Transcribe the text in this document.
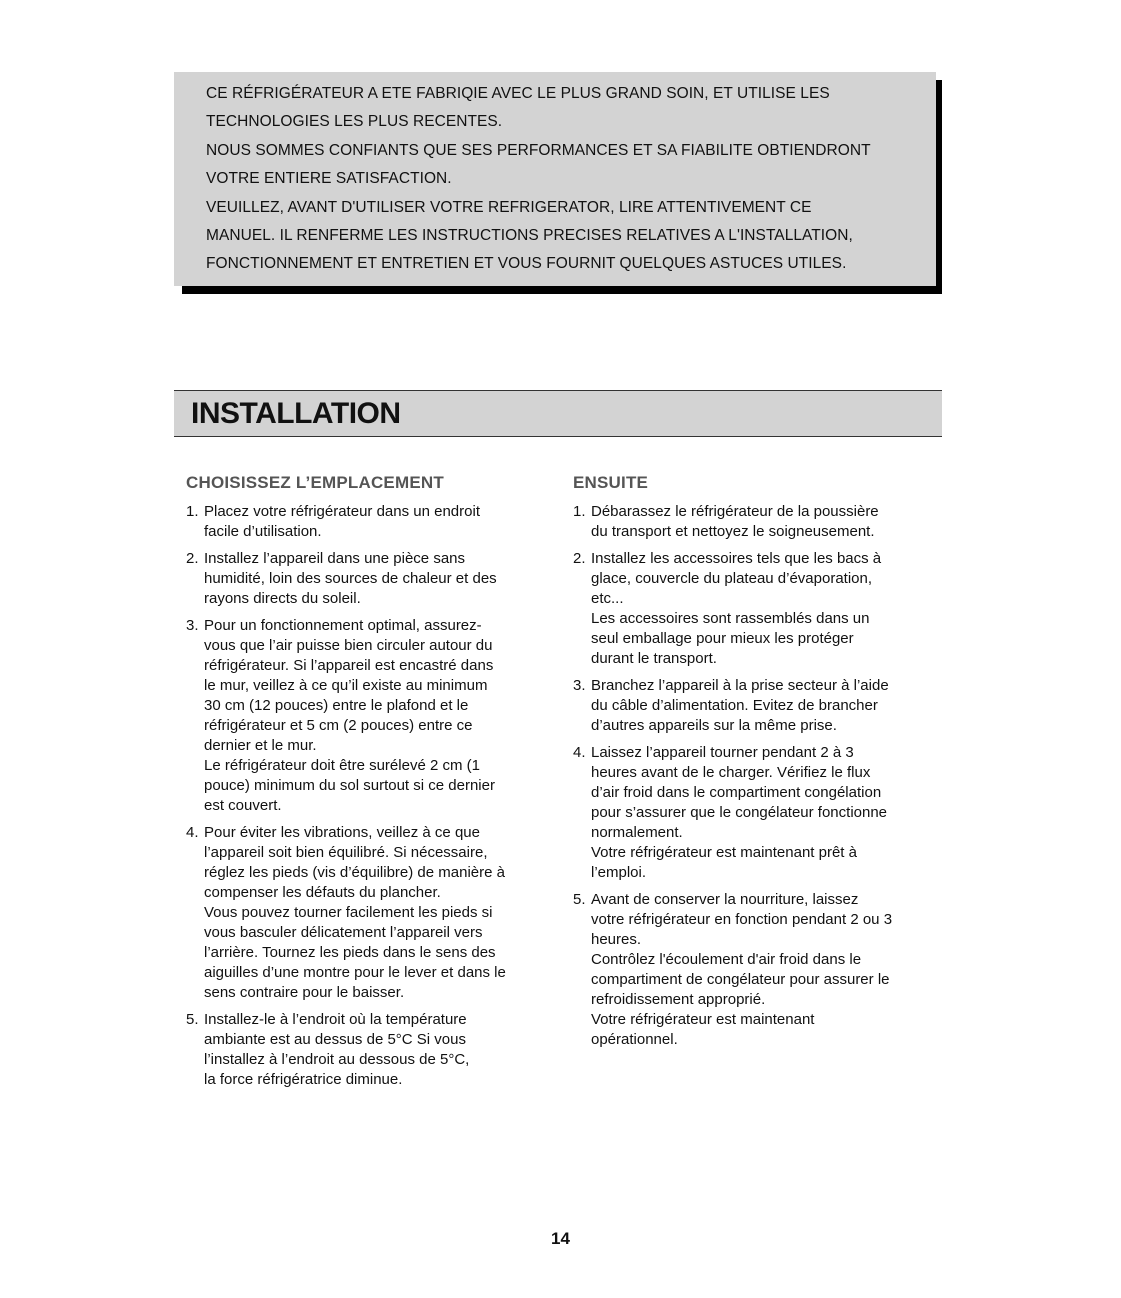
CE RÉFRIGÉRATEUR A ETE FABRIQIE AVEC LE PLUS GRAND SOIN, ET UTILISE LES
TECHNOLOGIES LES PLUS RECENTES.
NOUS SOMMES CONFIANTS QUE SES PERFORMANCES ET SA FIABILITE OBTIENDRONT
VOTRE ENTIERE SATISFACTION.
VEUILLEZ, AVANT D'UTILISER VOTRE REFRIGERATOR, LIRE ATTENTIVEMENT CE
MANUEL. IL RENFERME LES INSTRUCTIONS PRECISES RELATIVES A L'INSTALLATION,
FONCTIONNEMENT ET ENTRETIEN ET VOUS FOURNIT QUELQUES ASTUCES UTILES.
INSTALLATION
CHOISISSEZ L’EMPLACEMENT
1. Placez votre réfrigérateur dans un endroit
facile d’utilisation.
2. Installez l’appareil dans une pièce sans
humidité, loin des sources de chaleur et des
rayons directs du soleil.
3. Pour un fonctionnement optimal, assurez-
vous que l’air puisse bien circuler autour du
réfrigérateur. Si l’appareil est encastré dans
le mur, veillez à ce qu’il existe au minimum
30 cm (12 pouces) entre le plafond et le
réfrigérateur et 5 cm (2 pouces) entre ce
dernier et le mur.
Le réfrigérateur doit être surélevé 2 cm (1
pouce) minimum du sol surtout si ce dernier
est couvert.
4. Pour éviter les vibrations, veillez à ce que
l’appareil soit bien équilibré. Si nécessaire,
réglez les pieds (vis d’équilibre) de manière à
compenser les défauts du plancher.
Vous pouvez tourner facilement les pieds si
vous basculer délicatement l’appareil vers
l’arrière. Tournez les pieds dans le sens des
aiguilles d’une montre pour le lever et dans le
sens contraire pour le baisser.
5. Installez-le à l’endroit où la température
ambiante est au dessus de 5°C Si vous
l’installez à l’endroit au dessous de 5°C,
la force réfrigératrice diminue.
ENSUITE
1. Débarassez le réfrigérateur de la poussière
du transport et nettoyez le soigneusement.
2. Installez les accessoires tels que les bacs à
glace, couvercle du plateau d’évaporation,
etc...
Les accessoires sont rassemblés dans un
seul emballage pour mieux les protéger
durant le transport.
3. Branchez l’appareil à la prise secteur à l’aide
du câble d’alimentation. Evitez de brancher
d’autres appareils sur la même prise.
4. Laissez l’appareil tourner pendant 2 à 3
heures avant de le charger. Vérifiez le flux
d’air froid dans le compartiment congélation
pour s’assurer que le congélateur fonctionne
normalement.
Votre réfrigérateur est maintenant prêt à
l’emploi.
5. Avant de conserver la nourriture, laissez
votre réfrigérateur en fonction pendant 2 ou 3
heures.
Contrôlez l'écoulement d'air froid dans le
compartiment de congélateur pour assurer le
refroidissement approprié.
Votre réfrigérateur est maintenant
opérationnel.
14
